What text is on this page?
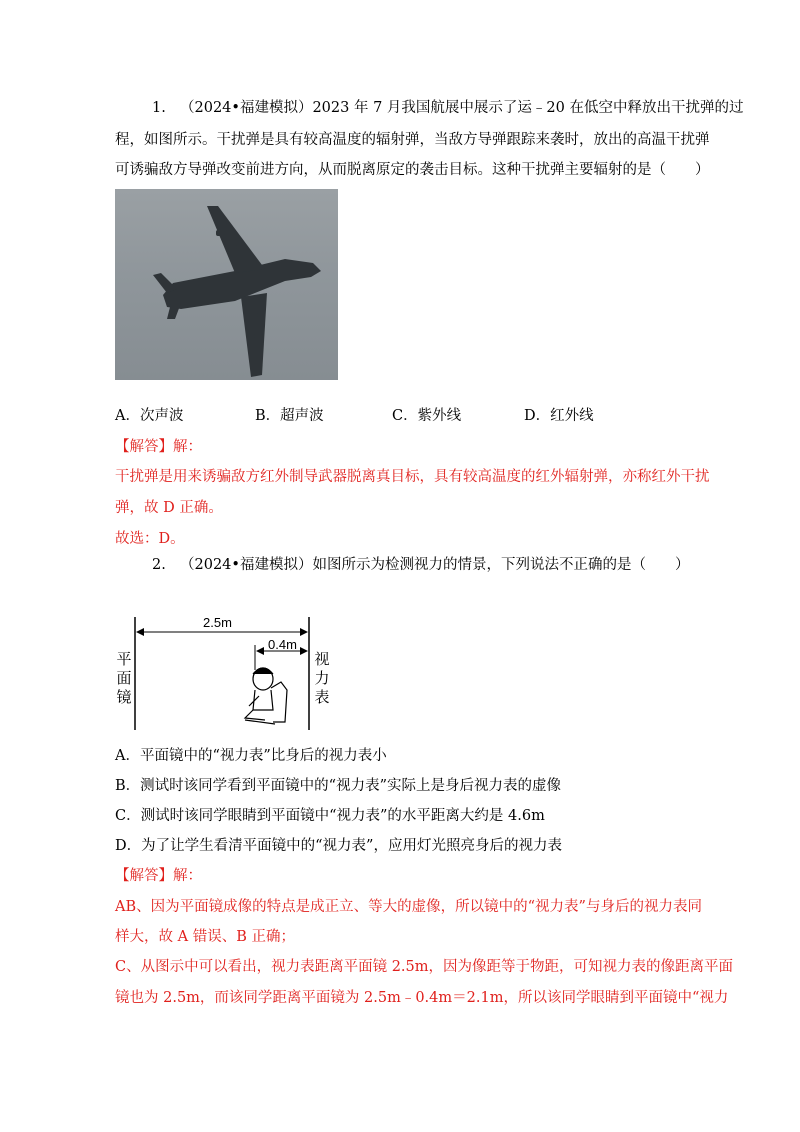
1. （2024•福建模拟）2023 年 7 月我国航展中展示了运﹣20 在低空中释放出干扰弹的过
程，如图所示。干扰弹是具有较高温度的辐射弹，当敌方导弹跟踪来袭时，放出的高温干扰弹
可诱骗敌方导弹改变前进方向，从而脱离原定的袭击目标。这种干扰弹主要辐射的是（　　）
A．次声波	B．超声波	C．紫外线	D．红外线
【解答】解：
干扰弹是用来诱骗敌方红外制导武器脱离真目标，具有较高温度的红外辐射弹，亦称红外干扰
弹，故 D 正确。
故选：D。
2. （2024•福建模拟）如图所示为检测视力的情景，下列说法不正确的是（　　）
2.5m
0.4m
平面镜
视力表
A．平面镜中的“视力表”比身后的视力表小
B．测试时该同学看到平面镜中的“视力表”实际上是身后视力表的虚像
C．测试时该同学眼睛到平面镜中“视力表”的水平距离大约是 4.6m
D．为了让学生看清平面镜中的“视力表”，应用灯光照亮身后的视力表
【解答】解：
AB、因为平面镜成像的特点是成正立、等大的虚像，所以镜中的“视力表”与身后的视力表同
样大，故 A 错误、B 正确；
C、从图示中可以看出，视力表距离平面镜 2.5m，因为像距等于物距，可知视力表的像距离平面
镜也为 2.5m，而该同学距离平面镜为 2.5m﹣0.4m＝2.1m，所以该同学眼睛到平面镜中“视力
